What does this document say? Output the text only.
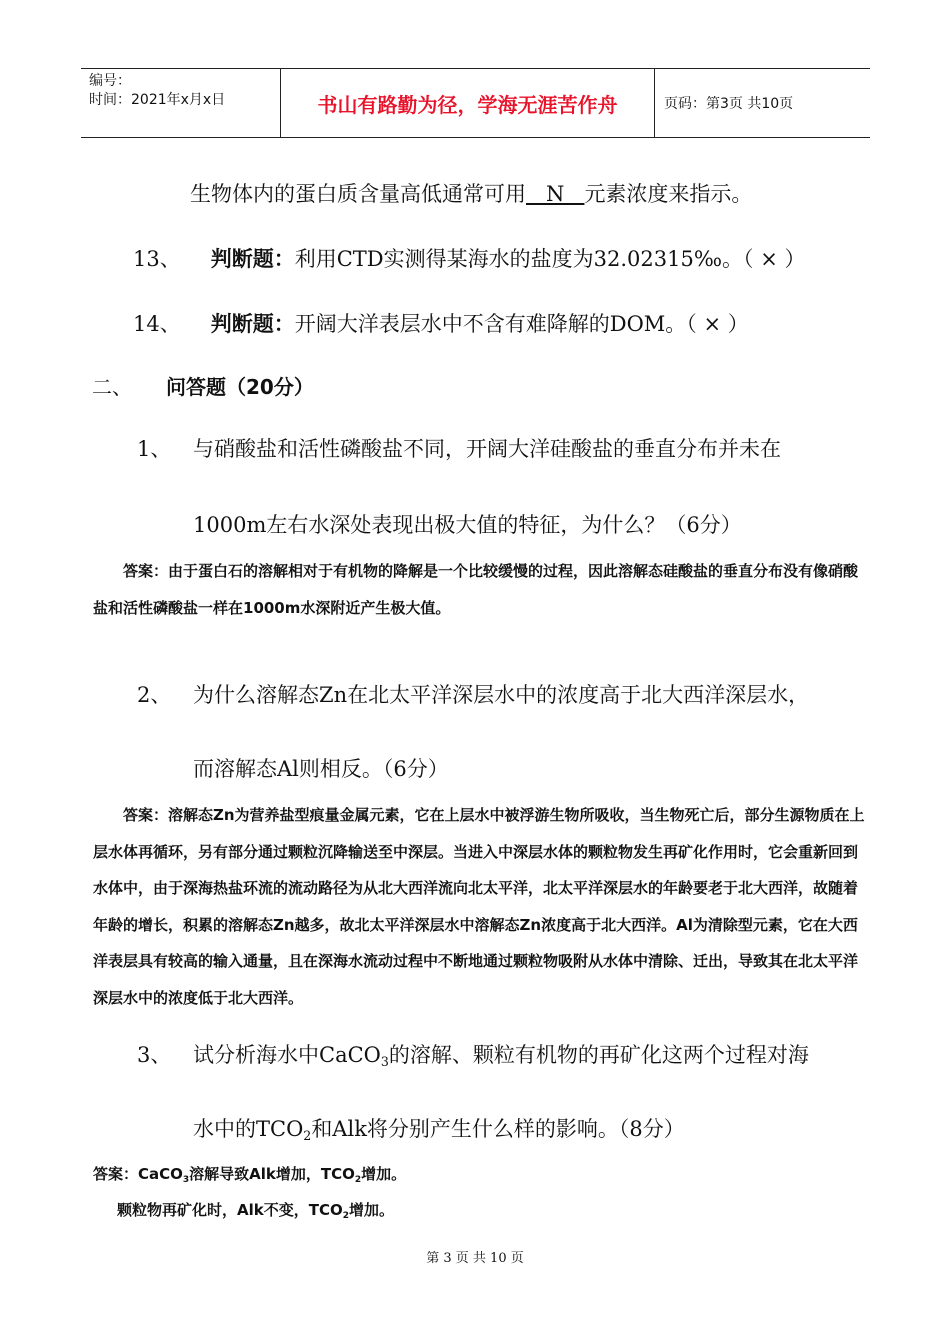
编号：
时间：2021年x月x日	书山有路勤为径，学海无涯苦作舟	页码：第3页 共10页
生物体内的蛋白质含量高低通常可用   N   元素浓度来指示。
13、 判断题：利用CTD实测得某海水的盐度为32.02315‰。（ × ）
14、 判断题：开阔大洋表层水中不含有难降解的DOM。（ × ）
二、 问答题（20分）
1、 与硝酸盐和活性磷酸盐不同，开阔大洋硅酸盐的垂直分布并未在
1000m左右水深处表现出极大值的特征，为什么？（6分）
答案：由于蛋白石的溶解相对于有机物的降解是一个比较缓慢的过程，因此溶解态硅酸盐的垂直分布没有像硝酸盐和活性磷酸盐一样在1000m水深附近产生极大值。
2、 为什么溶解态Zn在北太平洋深层水中的浓度高于北大西洋深层水，
而溶解态Al则相反。（6分）
答案：溶解态Zn为营养盐型痕量金属元素，它在上层水中被浮游生物所吸收，当生物死亡后，部分生源物质在上层水体再循环，另有部分通过颗粒沉降输送至中深层。当进入中深层水体的颗粒物发生再矿化作用时，它会重新回到水体中，由于深海热盐环流的流动路径为从北大西洋流向北太平洋，北太平洋深层水的年龄要老于北大西洋，故随着年龄的增长，积累的溶解态Zn越多，故北太平洋深层水中溶解态Zn浓度高于北大西洋。Al为清除型元素，它在大西洋表层具有较高的输入通量，且在深海水流动过程中不断地通过颗粒物吸附从水体中清除、迁出，导致其在北太平洋深层水中的浓度低于北大西洋。
3、 试分析海水中CaCO$_3$的溶解、颗粒有机物的再矿化这两个过程对海
水中的$TCO_2$和Alk将分别产生什么样的影响。（8分）
答案：CaCO$_3$溶解导致Alk增加，$TCO_2$增加。
颗粒物再矿化时，Alk不变，$TCO_2$增加。
第 3 页 共 10 页
